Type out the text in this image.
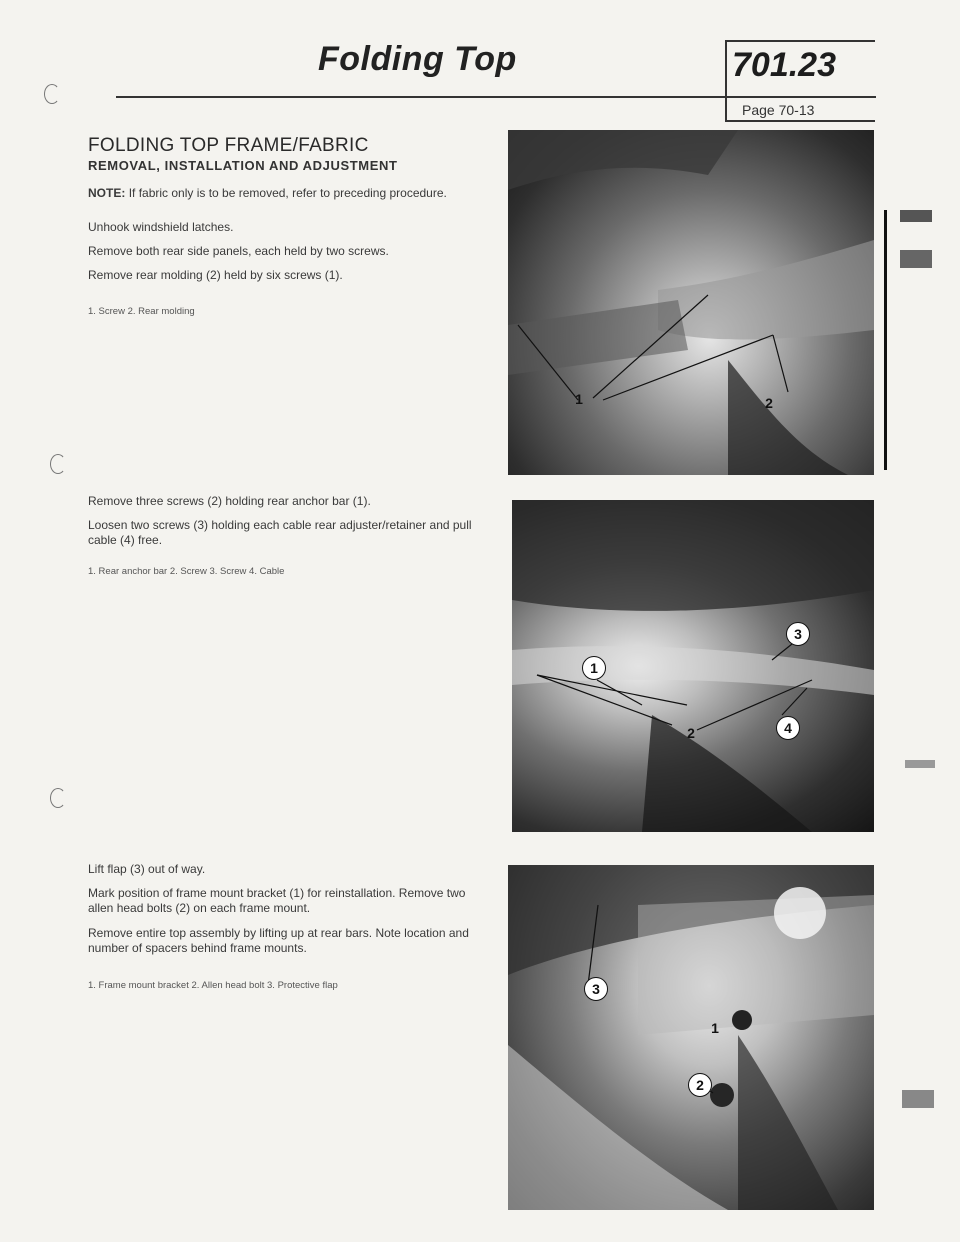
Folding Top	701.23
Page 70-13
FOLDING TOP FRAME/FABRIC
REMOVAL, INSTALLATION AND ADJUSTMENT
NOTE: If fabric only is to be removed, refer to preceding procedure.
Unhook windshield latches.
Remove both rear side panels, each held by two screws.
Remove rear molding (2) held by six screws (1).
1. Screw 2. Rear molding
1	2
Remove three screws (2) holding rear anchor bar (1).
Loosen two screws (3) holding each cable rear adjuster/retainer and pull cable (4) free.
1. Rear anchor bar 2. Screw 3. Screw 4. Cable
1
2
3
4
Lift flap (3) out of way.
Mark position of frame mount bracket (1) for reinstallation. Remove two allen head bolts (2) on each frame mount.
Remove entire top assembly by lifting up at rear bars. Note location and number of spacers behind frame mounts.
1. Frame mount bracket 2. Allen head bolt 3. Protective flap	3
1
2
